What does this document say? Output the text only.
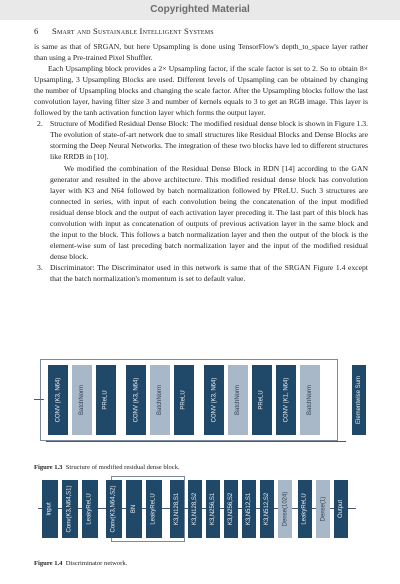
Copyrighted Material
6 Smart and Sustainable Intelligent Systems

is same as that of SRGAN, but here Upsampling is done using TensorFlow's depth_to_space layer rather than using a Pre-trained Pixel Shuffler.

Each Upsampling block provides a 2× Upsampling factor, if the scale factor is set to 2. So to obtain 8× Upsampling, 3 Upsampling Blocks are used. Different levels of Upsampling can be obtained by changing the number of Upsampling blocks and changing the scale factor. After the Upsampling blocks follow the last convolution layer, having filter size 3 and number of kernels equals to 3 to get an RGB image. This layer is followed by the tanh activation function layer which forms the output layer.

2. Structure of Modified Residual Dense Block: The modified residual dense block is shown in Figure 1.3. The evolution of state-of-art network due to small structures like Residual Blocks and Dense Blocks are storming the Deep Neural Networks. The integration of these two blocks have led to different structures like RRDB in [10].

We modified the combination of the Residual Dense Block in RDN [14] according to the GAN generator and resulted in the above architecture. This modified residual dense block has convolution layer with K3 and N64 followed by batch normalization followed by PReLU. Such 3 structures are connected in series, with input of each convolution being the concatenation of the input modified residual dense block and the output of each activation layer preceding it. The last part of this block has convolution with input as concatenation of outputs of previous activation layer in the same block and the input to the block. This follows a batch normalization layer and then the output of the block is the element-wise sum of last preceding batch normalization layer and the input of the modified residual dense block.

3. Discriminator: The Discriminator used in this network is same that of the SRGAN Figure 1.4 except that the batch normalization's momentum is set to default value.

CONV (K3, N64)	BatchNorm	PReLU	CONV (K3, N64)	BatchNorm	PReLU	CONV (K3, N64)	BatchNorm	PReLU	CONV (K1, N64)	BatchNorm	Elementwise Sum
Figure 1.3 Structure of modified residual dense block.
Input Conv(K3,N64,S1) LeakyReLU	Conv(K3,N64,S2) BN LeakyReLU	K3,N128,S1 K3,N128,S2 K3,N256,S1 K3,N256,S2 K3,N512,S1 K3,N512,S2 Dense(1024) LeakyReLU Dense(1) Output
Figure 1.4 Discriminator network.
